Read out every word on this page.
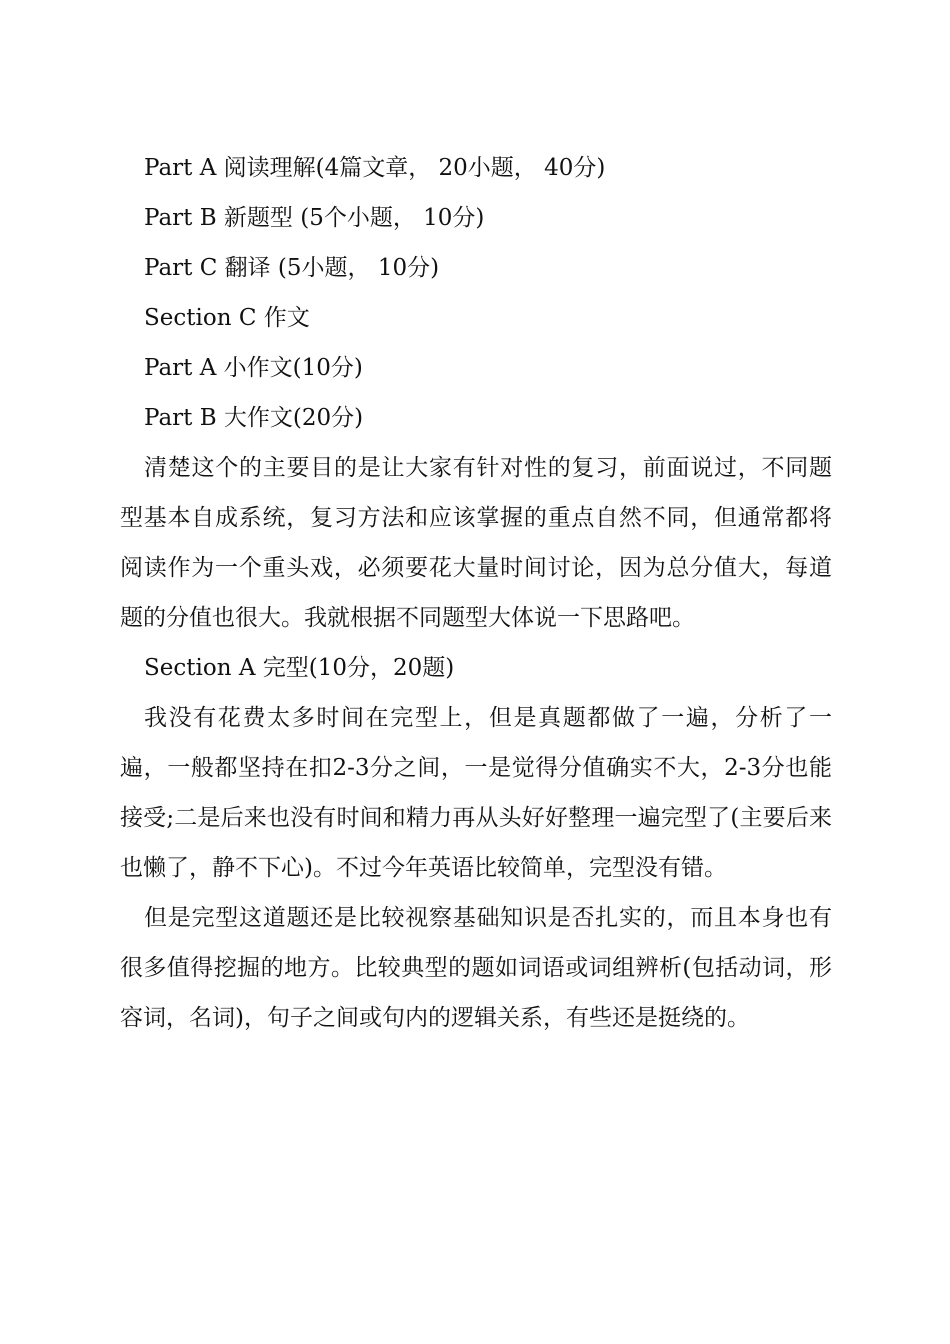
Part A 阅读理解(4篇文章， 20小题， 40分)
Part B 新题型 (5个小题， 10分)
Part C 翻译 (5小题， 10分)
Section C 作文
Part A 小作文(10分)
Part B 大作文(20分)

清楚这个的主要目的是让大家有针对性的复习，前面说过，不同题型基本自成系统，复习方法和应该掌握的重点自然不同，但通常都将阅读作为一个重头戏，必须要花大量时间讨论，因为总分值大，每道题的分值也很大。我就根据不同题型大体说一下思路吧。

Section A 完型(10分，20题)

我没有花费太多时间在完型上，但是真题都做了一遍，分析了一遍，一般都坚持在扣2-3分之间，一是觉得分值确实不大，2-3分也能接受;二是后来也没有时间和精力再从头好好整理一遍完型了(主要后来也懒了，静不下心)。不过今年英语比较简单，完型没有错。

但是完型这道题还是比较视察基础知识是否扎实的，而且本身也有很多值得挖掘的地方。比较典型的题如词语或词组辨析(包括动词，形容词，名词)，句子之间或句内的逻辑关系，有些还是挺绕的。
